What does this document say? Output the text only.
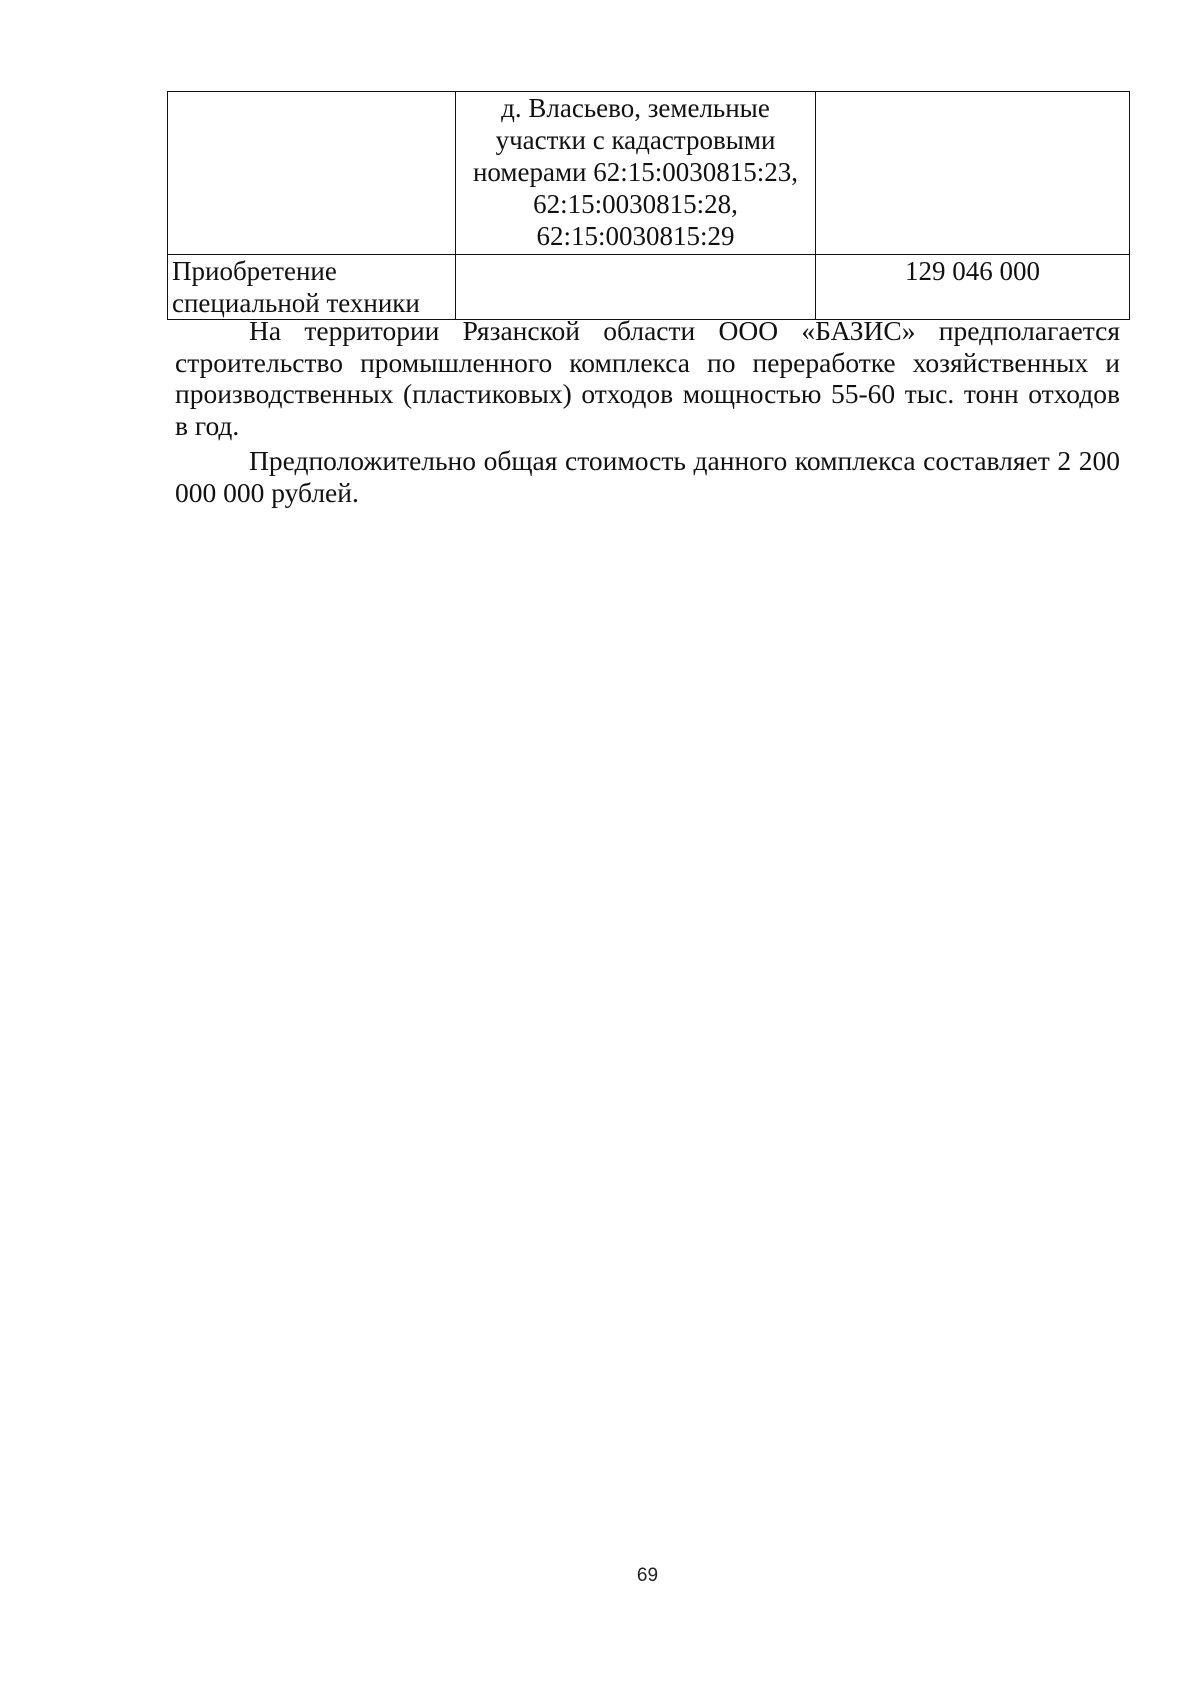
	д. Власьево, земельные
участки с кадастровыми
номерами 62:15:0030815:23,
62:15:0030815:28,
62:15:0030815:29	

Приобретение
специальной техники		129 046 000

На территории Рязанской области ООО «БАЗИС» предполагается строительство промышленного комплекса по переработке хозяйственных и производственных (пластиковых) отходов мощностью 55-60 тыс. тонн отходов в год.

Предположительно общая стоимость данного комплекса составляет 2 200 000 000 рублей.

69
